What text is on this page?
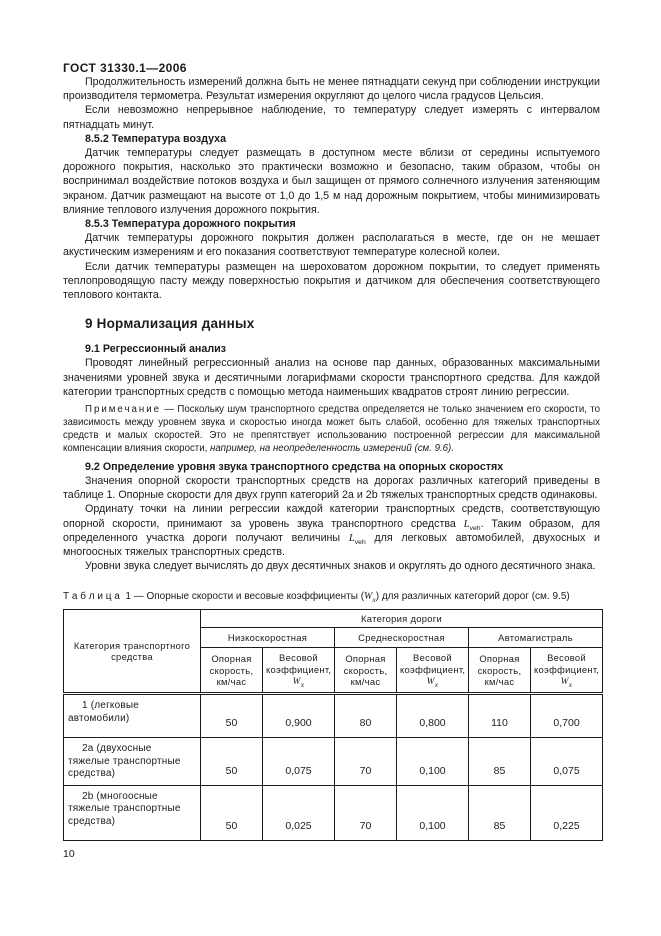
ГОСТ 31330.1—2006

Продолжительность измерений должна быть не менее пятнадцати секунд при соблюдении инструкции производителя термометра. Результат измерения округляют до целого числа градусов Цельсия.

Если невозможно непрерывное наблюдение, то температуру следует измерять с интервалом пятнадцать минут.

8.5.2 Температура воздуха

Датчик температуры следует размещать в доступном месте вблизи от середины испытуемого дорожного покрытия, насколько это практически возможно и безопасно, таким образом, чтобы он воспринимал воздействие потоков воздуха и был защищен от прямого солнечного излучения затеняющим экраном. Датчик размещают на высоте от 1,0 до 1,5 м над дорожным покрытием, чтобы минимизировать влияние теплового излучения дорожного покрытия.

8.5.3 Температура дорожного покрытия

Датчик температуры дорожного покрытия должен располагаться в месте, где он не мешает акустическим измерениям и его показания соответствуют температуре колесной колеи.

Если датчик температуры размещен на шероховатом дорожном покрытии, то следует применять теплопроводящую пасту между поверхностью покрытия и датчиком для обеспечения соответствующего теплового контакта.

9 Нормализация данных
9.1 Регрессионный анализ

Проводят линейный регрессионный анализ на основе пар данных, образованных максимальными значениями уровней звука и десятичными логарифмами скорости транспортного средства. Для каждой категории транспортных средств с помощью метода наименьших квадратов строят линию регрессии.

Примечание — Поскольку шум транспортного средства определяется не только значением его скорости, то зависимость между уровнем звука и скоростью иногда может быть слабой, особенно для тяжелых транспортных средств и малых скоростей. Это не препятствует использованию построенной регрессии для максимальной компенсации влияния скорости, например, на неопределенность измерений (см. 9.6).

9.2 Определение уровня звука транспортного средства на опорных скоростях

Значения опорной скорости транспортных средств на дорогах различных категорий приведены в таблице 1. Опорные скорости для двух групп категорий 2а и 2b тяжелых транспортных средств одинаковы.

Ординату точки на линии регрессии каждой категории транспортных средств, соответствующую опорной скорости, принимают за уровень звука транспортного средства $L_{veh}$. Таким образом, для определенного участка дороги получают величины $L_{veh}$ для легковых автомобилей, двухосных и многоосных тяжелых транспортных средств.

Уровни звука следует вычислять до двух десятичных знаков и округлять до одного десятичного знака.

Т а б л и ц а  1 — Опорные скорости и весовые коэффициенты $(W_x)$ для различных категорий дорог (см. 9.5)
Категория транспортного средства	Категория дороги					
	Низкоскоростная		Среднескоростная		Автомагистраль	
	Опорная скорость, км/час	Весовой коэффициент, $W_x$	Опорная скорость, км/час	Весовой коэффициент, $W_x$	Опорная скорость, км/час	Весовой коэффициент, $W_x$
1 (легковые автомобили)	50	0,900	80	0,800	110	0,700
2а (двухосные тяжелые транспортные средства)	50	0,075	70	0,100	85	0,075
2b (многоосные тяжелые транспортные средства)	50	0,025	70	0,100	85	0,225
10
